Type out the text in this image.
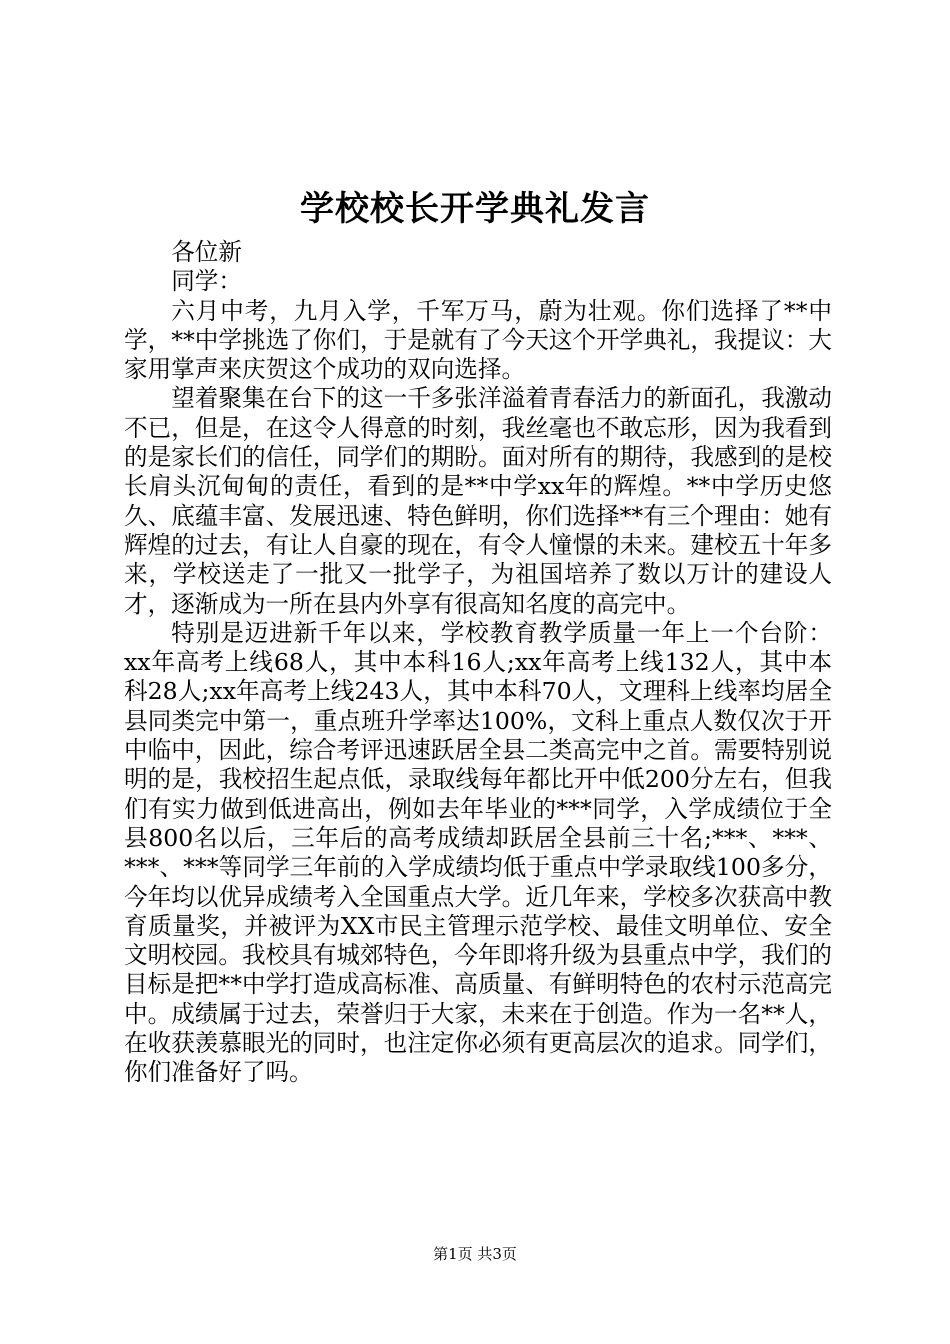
学校校长开学典礼发言

各位新

同学：

六月中考，九月入学，千军万马，蔚为壮观。你们选择了**中学，**中学挑选了你们，于是就有了今天这个开学典礼，我提议：大家用掌声来庆贺这个成功的双向选择。

望着聚集在台下的这一千多张洋溢着青春活力的新面孔，我激动不已，但是，在这令人得意的时刻，我丝毫也不敢忘形，因为我看到的是家长们的信任，同学们的期盼。面对所有的期待，我感到的是校长肩头沉甸甸的责任，看到的是**中学xx年的辉煌。**中学历史悠久、底蕴丰富、发展迅速、特色鲜明，你们选择**有三个理由：她有辉煌的过去，有让人自豪的现在，有令人憧憬的未来。建校五十年多来，学校送走了一批又一批学子，为祖国培养了数以万计的建设人才，逐渐成为一所在县内外享有很高知名度的高完中。

特别是迈进新千年以来，学校教育教学质量一年上一个台阶：xx年高考上线68人，其中本科16人;xx年高考上线132人，其中本科28人;xx年高考上线243人，其中本科70人，文理科上线率均居全县同类完中第一，重点班升学率达100%，文科上重点人数仅次于开中临中，因此，综合考评迅速跃居全县二类高完中之首。需要特别说明的是，我校招生起点低，录取线每年都比开中低200分左右，但我们有实力做到低进高出，例如去年毕业的***同学，入学成绩位于全县800名以后，三年后的高考成绩却跃居全县前三十名;***、***、***、***等同学三年前的入学成绩均低于重点中学录取线100多分，今年均以优异成绩考入全国重点大学。近几年来，学校多次获高中教育质量奖，并被评为XX市民主管理示范学校、最佳文明单位、安全文明校园。我校具有城郊特色，今年即将升级为县重点中学，我们的目标是把**中学打造成高标准、高质量、有鲜明特色的农村示范高完中。成绩属于过去，荣誉归于大家，未来在于创造。作为一名**人，在收获羡慕眼光的同时，也注定你必须有更高层次的追求。同学们，你们准备好了吗。

第1页 共3页
